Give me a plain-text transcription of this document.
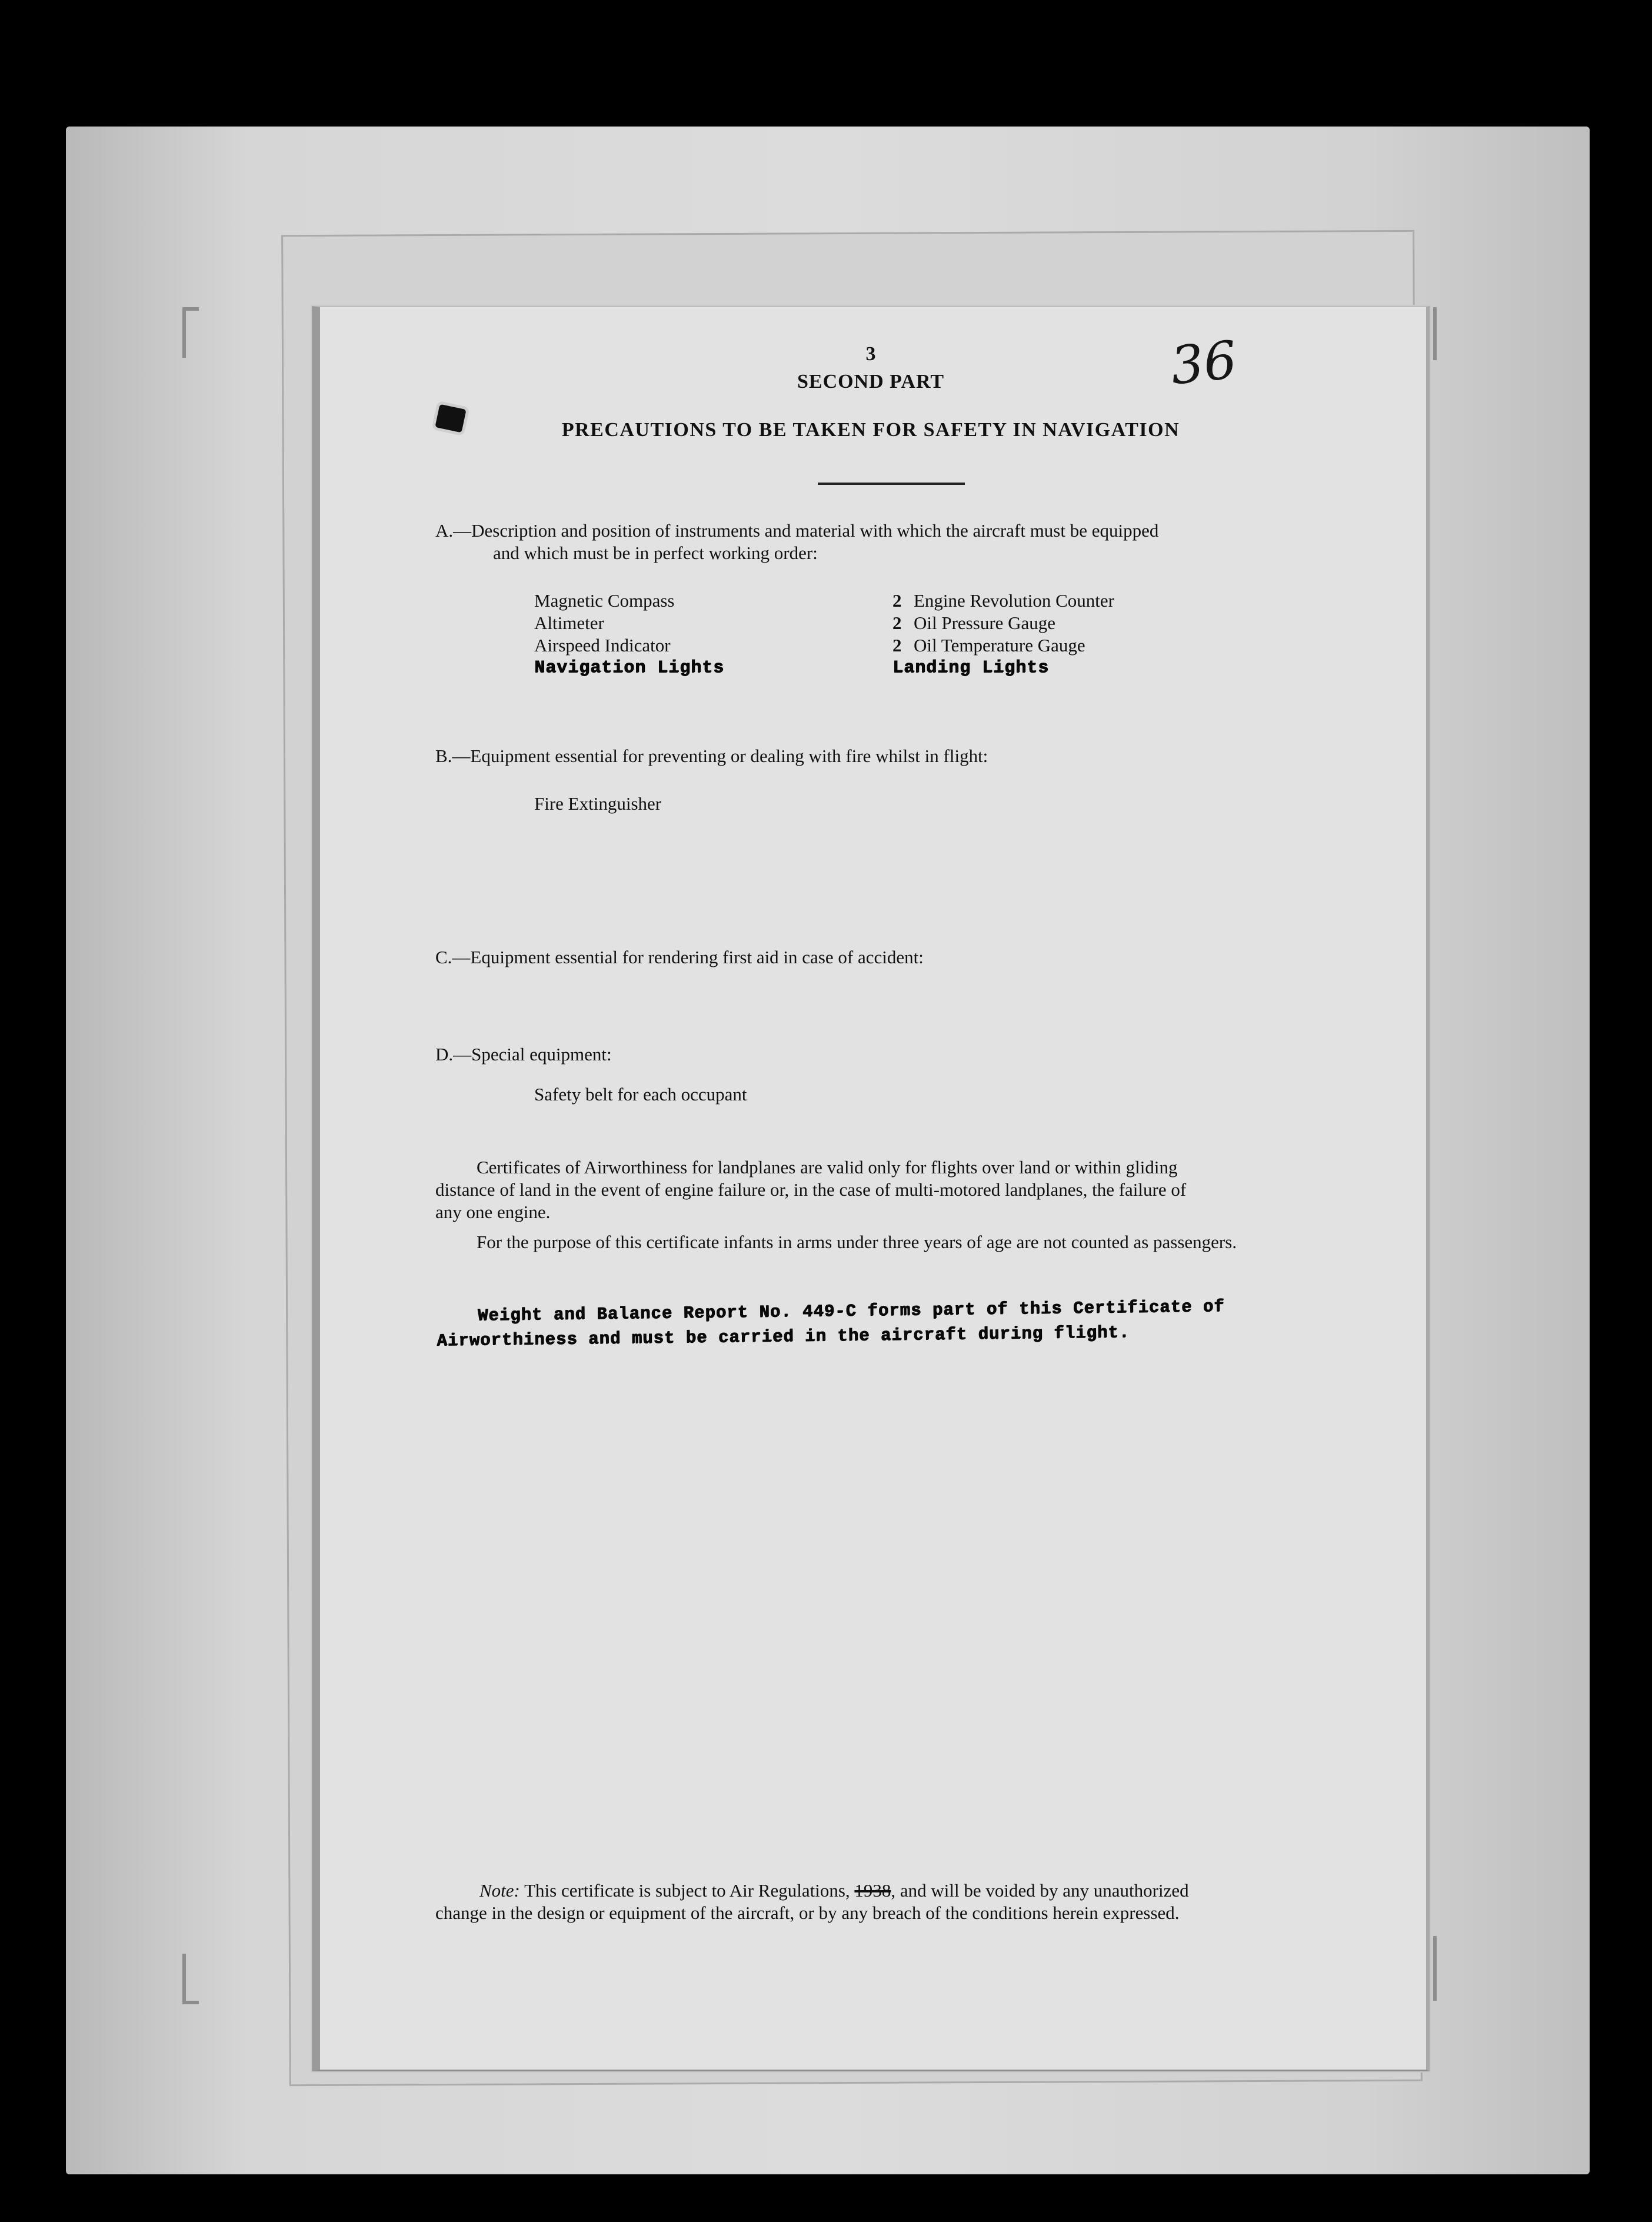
3
SECOND PART
PRECAUTIONS TO BE TAKEN FOR SAFETY IN NAVIGATION
36
A.—Description and position of instruments and material with which the aircraft must be equipped
and which must be in perfect working order:
Magnetic Compass
Altimeter
Airspeed Indicator
Navigation Lights
2 Engine Revolution Counter
2 Oil Pressure Gauge
2 Oil Temperature Gauge
Landing Lights
B.—Equipment essential for preventing or dealing with fire whilst in flight:
Fire Extinguisher
C.—Equipment essential for rendering first aid in case of accident:
D.—Special equipment:
Safety belt for each occupant
Certificates of Airworthiness for landplanes are valid only for flights over land or within gliding
distance of land in the event of engine failure or, in the case of multi-motored landplanes, the failure of
any one engine.
For the purpose of this certificate infants in arms under three years of age are not counted as passengers.
Weight and Balance Report No. 449-C forms part of this Certificate of
Airworthiness and must be carried in the aircraft during flight.
Note: This certificate is subject to Air Regulations, 1938, and will be voided by any unauthorized
change in the design or equipment of the aircraft, or by any breach of the conditions herein expressed.
